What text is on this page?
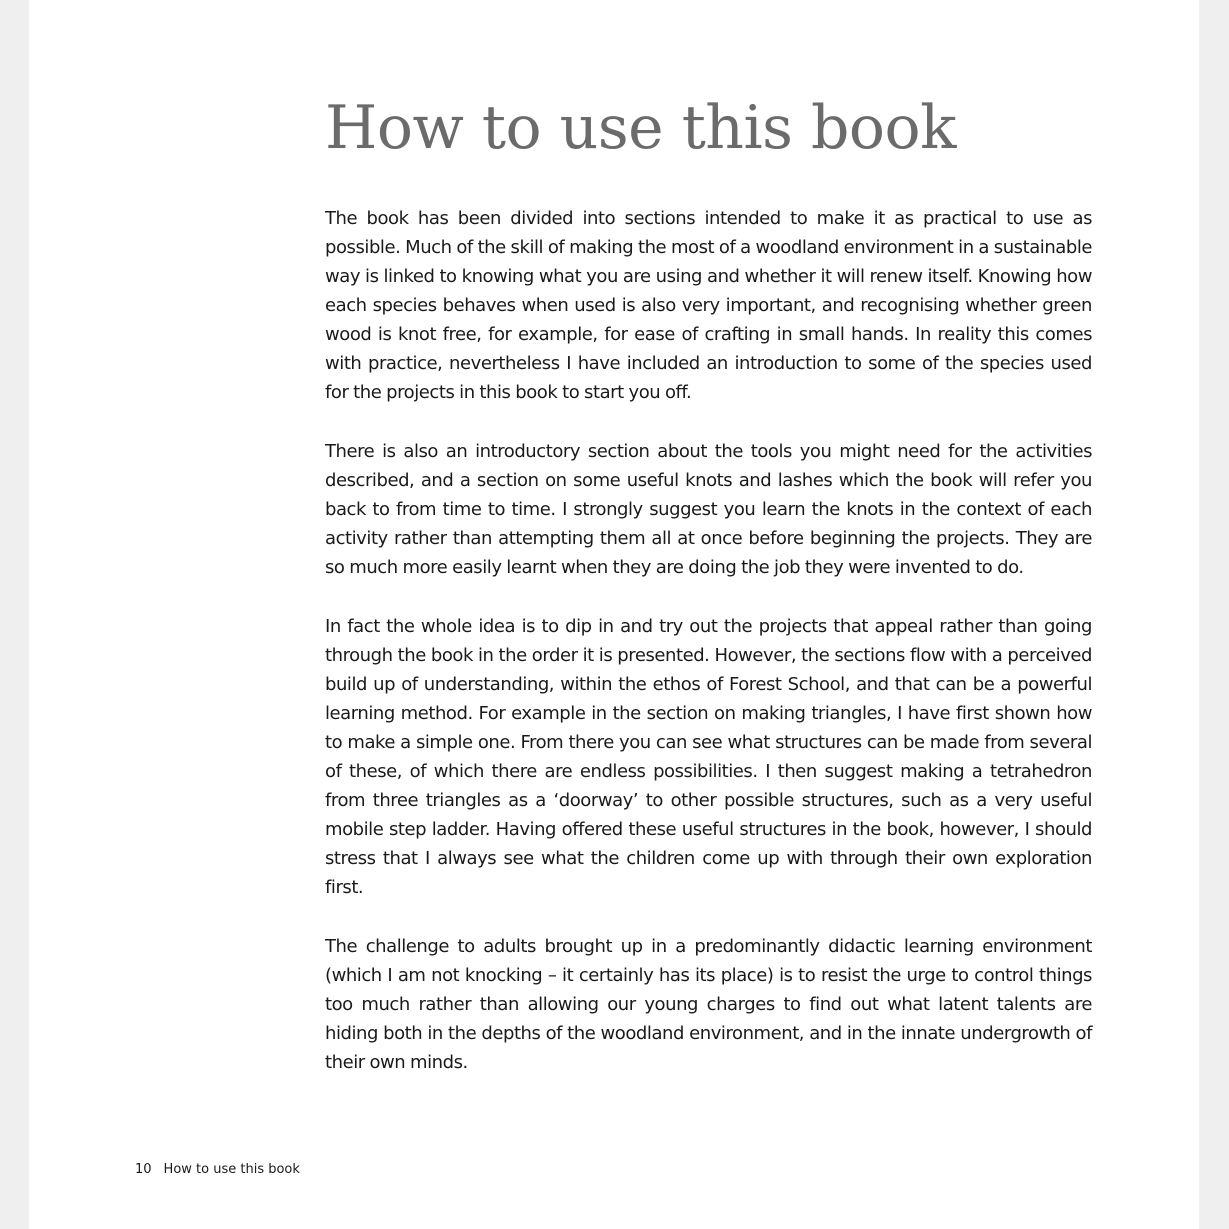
How to use this book

The book has been divided into sections intended to make it as practical to use as possible. Much of the skill of making the most of a woodland environment in a sustainable way is linked to knowing what you are using and whether it will renew itself. Knowing how each species behaves when used is also very important, and recognising whether green wood is knot free, for example, for ease of crafting in small hands. In reality this comes with practice, nevertheless I have included an introduction to some of the species used for the projects in this book to start you off.

There is also an introductory section about the tools you might need for the activities described, and a section on some useful knots and lashes which the book will refer you back to from time to time. I strongly suggest you learn the knots in the context of each activity rather than attempting them all at once before beginning the projects. They are so much more easily learnt when they are doing the job they were invented to do.

In fact the whole idea is to dip in and try out the projects that appeal rather than going through the book in the order it is presented. However, the sections flow with a perceived build up of understanding, within the ethos of Forest School, and that can be a powerful learning method. For example in the section on making triangles, I have first shown how to make a simple one. From there you can see what structures can be made from several of these, of which there are endless possibilities. I then suggest making a tetrahedron from three triangles as a ‘doorway’ to other possible structures, such as a very useful mobile step ladder. Having offered these useful structures in the book, however, I should stress that I always see what the children come up with through their own exploration first.

The challenge to adults brought up in a predominantly didactic learning environment (which I am not knocking – it certainly has its place) is to resist the urge to control things too much rather than allowing our young charges to find out what latent talents are hiding both in the depths of the woodland environment, and in the innate undergrowth of their own minds.

10 How to use this book
